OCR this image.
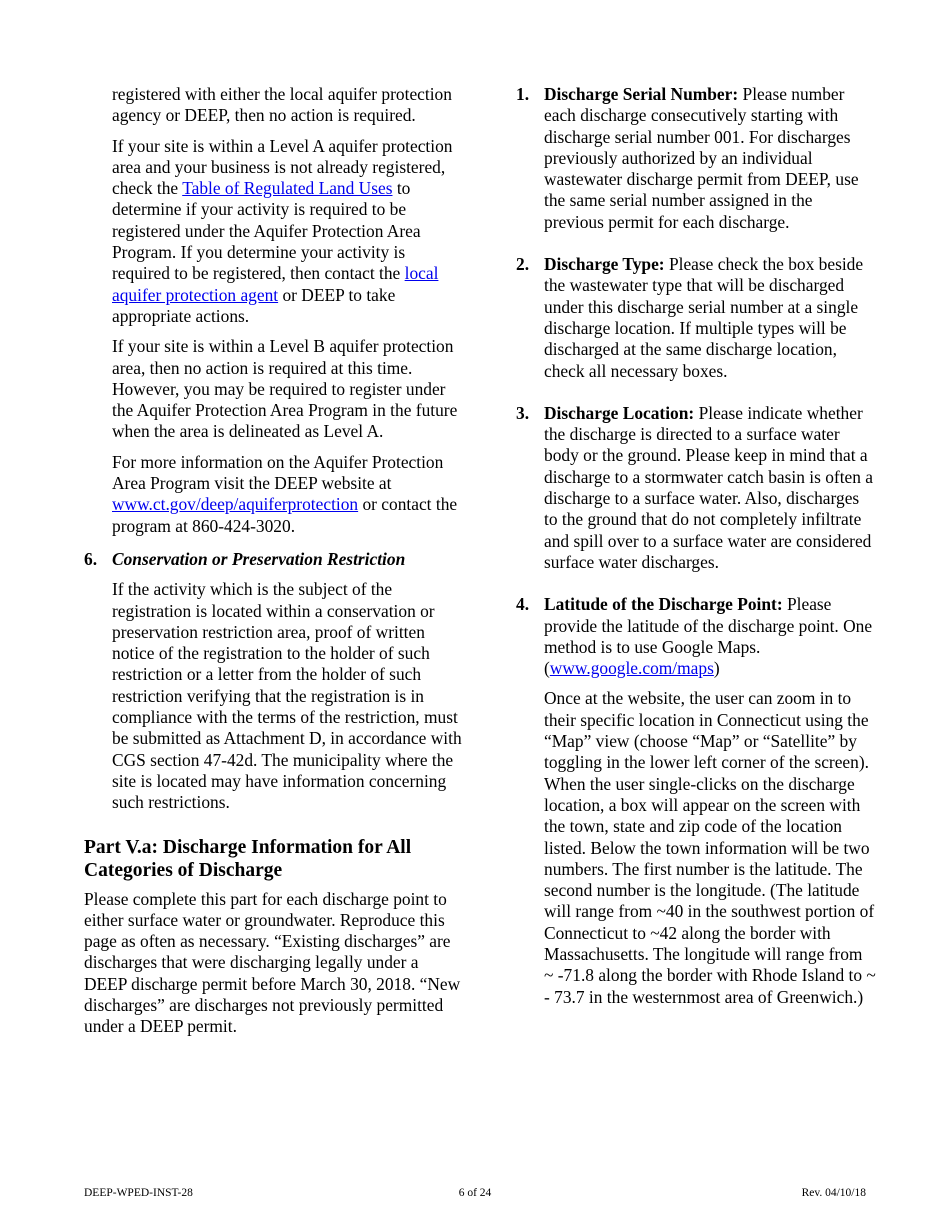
registered with either the local aquifer protection agency or DEEP, then no action is required.

If your site is within a Level A aquifer protection area and your business is not already registered, check the Table of Regulated Land Uses to determine if your activity is required to be registered under the Aquifer Protection Area Program. If you determine your activity is required to be registered, then contact the local aquifer protection agent or DEEP to take appropriate actions.

If your site is within a Level B aquifer protection area, then no action is required at this time. However, you may be required to register under the Aquifer Protection Area Program in the future when the area is delineated as Level A.

For more information on the Aquifer Protection Area Program visit the DEEP website at www.ct.gov/deep/aquiferprotection or contact the program at 860-424-3020.

6. Conservation or Preservation Restriction

If the activity which is the subject of the registration is located within a conservation or preservation restriction area, proof of written notice of the registration to the holder of such restriction or a letter from the holder of such restriction verifying that the registration is in compliance with the terms of the restriction, must be submitted as Attachment D, in accordance with CGS section 47-42d. The municipality where the site is located may have information concerning such restrictions.

Part V.a: Discharge Information for All Categories of Discharge

Please complete this part for each discharge point to either surface water or groundwater. Reproduce this page as often as necessary. “Existing discharges” are discharges that were discharging legally under a DEEP discharge permit before March 30, 2018. “New discharges” are discharges not previously permitted under a DEEP permit.

1. Discharge Serial Number: Please number each discharge consecutively starting with discharge serial number 001. For discharges previously authorized by an individual wastewater discharge permit from DEEP, use the same serial number assigned in the previous permit for each discharge.

2. Discharge Type: Please check the box beside the wastewater type that will be discharged under this discharge serial number at a single discharge location. If multiple types will be discharged at the same discharge location, check all necessary boxes.

3. Discharge Location: Please indicate whether the discharge is directed to a surface water body or the ground. Please keep in mind that a discharge to a stormwater catch basin is often a discharge to a surface water. Also, discharges to the ground that do not completely infiltrate and spill over to a surface water are considered surface water discharges.

4. Latitude of the Discharge Point: Please provide the latitude of the discharge point. One method is to use Google Maps. (www.google.com/maps)

Once at the website, the user can zoom in to their specific location in Connecticut using the “Map” view (choose “Map” or “Satellite” by toggling in the lower left corner of the screen). When the user single-clicks on the discharge location, a box will appear on the screen with the town, state and zip code of the location listed. Below the town information will be two numbers. The first number is the latitude. The second number is the longitude. (The latitude will range from ~40 in the southwest portion of Connecticut to ~42 along the border with Massachusetts. The longitude will range from ~ -71.8 along the border with Rhode Island to ~ - 73.7 in the westernmost area of Greenwich.)

DEEP-WPED-INST-28	6 of 24	Rev. 04/10/18
